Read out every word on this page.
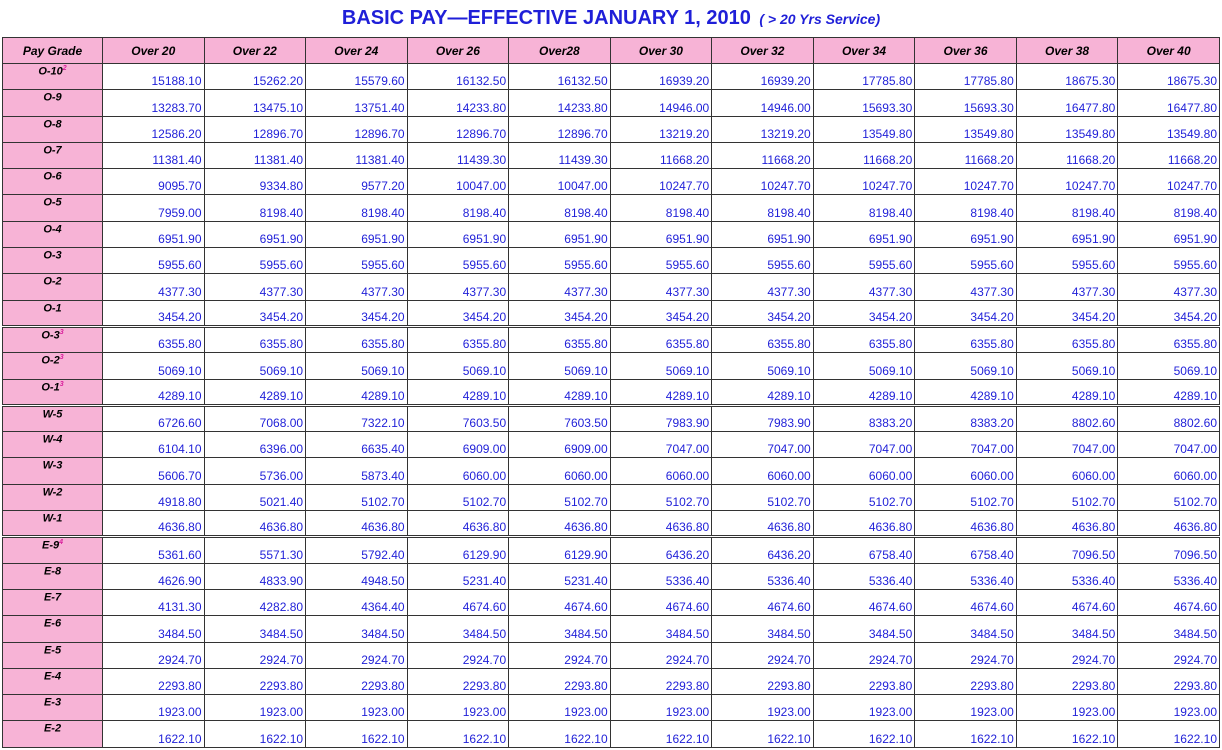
BASIC PAY—EFFECTIVE JANUARY 1, 2010 ( > 20 Yrs Service)
Pay Grade	Over 20	Over 22	Over 24	Over 26	Over28	Over 30	Over 32	Over 34	Over 36	Over 38	Over 40
$O-10^2$	15188.10	15262.20	15579.60	16132.50	16132.50	16939.20	16939.20	17785.80	17785.80	18675.30	18675.30
O-9	13283.70	13475.10	13751.40	14233.80	14233.80	14946.00	14946.00	15693.30	15693.30	16477.80	16477.80
O-8	12586.20	12896.70	12896.70	12896.70	12896.70	13219.20	13219.20	13549.80	13549.80	13549.80	13549.80
O-7	11381.40	11381.40	11381.40	11439.30	11439.30	11668.20	11668.20	11668.20	11668.20	11668.20	11668.20
O-6	9095.70	9334.80	9577.20	10047.00	10047.00	10247.70	10247.70	10247.70	10247.70	10247.70	10247.70
O-5	7959.00	8198.40	8198.40	8198.40	8198.40	8198.40	8198.40	8198.40	8198.40	8198.40	8198.40
O-4	6951.90	6951.90	6951.90	6951.90	6951.90	6951.90	6951.90	6951.90	6951.90	6951.90	6951.90
O-3	5955.60	5955.60	5955.60	5955.60	5955.60	5955.60	5955.60	5955.60	5955.60	5955.60	5955.60
O-2	4377.30	4377.30	4377.30	4377.30	4377.30	4377.30	4377.30	4377.30	4377.30	4377.30	4377.30
O-1	3454.20	3454.20	3454.20	3454.20	3454.20	3454.20	3454.20	3454.20	3454.20	3454.20	3454.20
$O-3^3$	6355.80	6355.80	6355.80	6355.80	6355.80	6355.80	6355.80	6355.80	6355.80	6355.80	6355.80
$O-2^3$	5069.10	5069.10	5069.10	5069.10	5069.10	5069.10	5069.10	5069.10	5069.10	5069.10	5069.10
$O-1^3$	4289.10	4289.10	4289.10	4289.10	4289.10	4289.10	4289.10	4289.10	4289.10	4289.10	4289.10
W-5	6726.60	7068.00	7322.10	7603.50	7603.50	7983.90	7983.90	8383.20	8383.20	8802.60	8802.60
W-4	6104.10	6396.00	6635.40	6909.00	6909.00	7047.00	7047.00	7047.00	7047.00	7047.00	7047.00
W-3	5606.70	5736.00	5873.40	6060.00	6060.00	6060.00	6060.00	6060.00	6060.00	6060.00	6060.00
W-2	4918.80	5021.40	5102.70	5102.70	5102.70	5102.70	5102.70	5102.70	5102.70	5102.70	5102.70
W-1	4636.80	4636.80	4636.80	4636.80	4636.80	4636.80	4636.80	4636.80	4636.80	4636.80	4636.80
$E-9^4$	5361.60	5571.30	5792.40	6129.90	6129.90	6436.20	6436.20	6758.40	6758.40	7096.50	7096.50
E-8	4626.90	4833.90	4948.50	5231.40	5231.40	5336.40	5336.40	5336.40	5336.40	5336.40	5336.40
E-7	4131.30	4282.80	4364.40	4674.60	4674.60	4674.60	4674.60	4674.60	4674.60	4674.60	4674.60
E-6	3484.50	3484.50	3484.50	3484.50	3484.50	3484.50	3484.50	3484.50	3484.50	3484.50	3484.50
E-5	2924.70	2924.70	2924.70	2924.70	2924.70	2924.70	2924.70	2924.70	2924.70	2924.70	2924.70
E-4	2293.80	2293.80	2293.80	2293.80	2293.80	2293.80	2293.80	2293.80	2293.80	2293.80	2293.80
E-3	1923.00	1923.00	1923.00	1923.00	1923.00	1923.00	1923.00	1923.00	1923.00	1923.00	1923.00
E-2	1622.10	1622.10	1622.10	1622.10	1622.10	1622.10	1622.10	1622.10	1622.10	1622.10	1622.10
